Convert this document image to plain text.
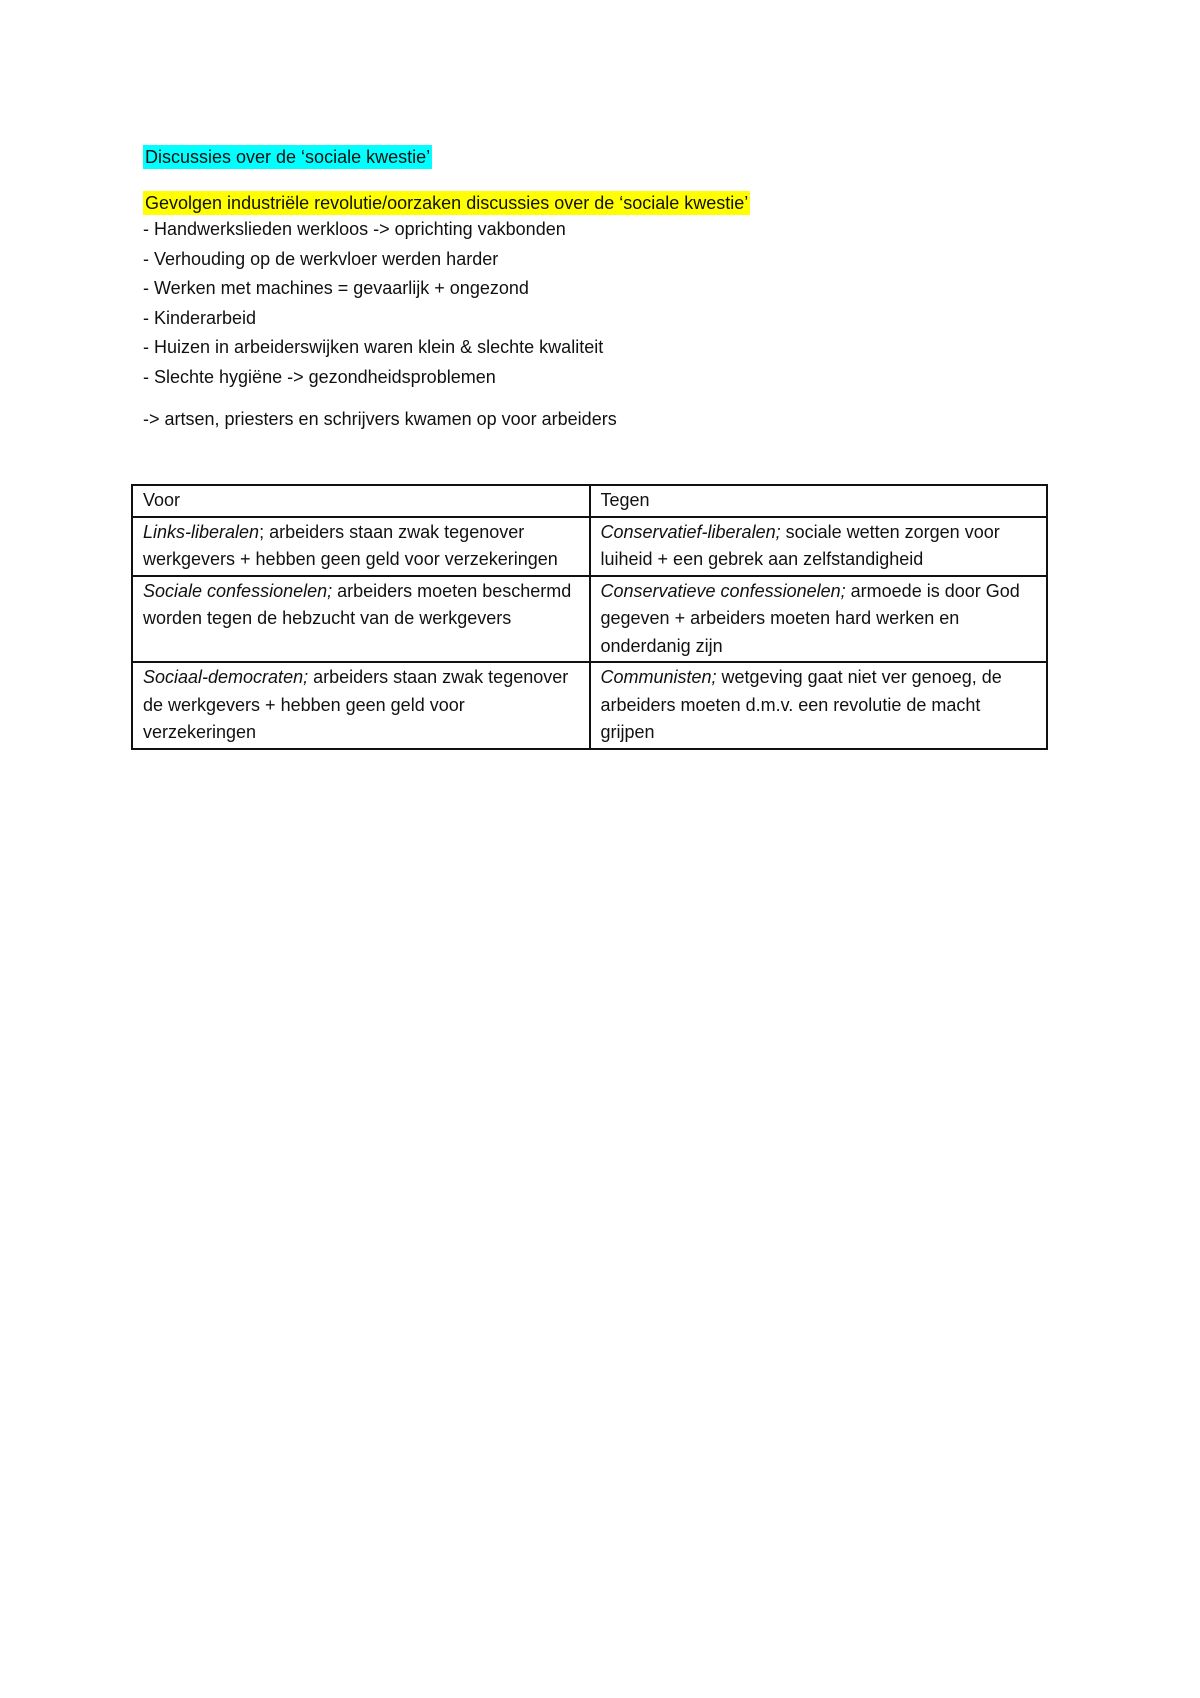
Discussies over de ‘sociale kwestie’
Gevolgen industriële revolutie/oorzaken discussies over de ‘sociale kwestie’
- Handwerkslieden werkloos -> oprichting vakbonden
- Verhouding op de werkvloer werden harder
- Werken met machines = gevaarlijk + ongezond
- Kinderarbeid
- Huizen in arbeiderswijken waren klein & slechte kwaliteit
- Slechte hygiëne -> gezondheidsproblemen
-> artsen, priesters en schrijvers kwamen op voor arbeiders
Voor	Tegen
Links-liberalen; arbeiders staan zwak tegenover werkgevers + hebben geen geld voor verzekeringen	Conservatief-liberalen; sociale wetten zorgen voor luiheid + een gebrek aan zelfstandigheid
Sociale confessionelen; arbeiders moeten beschermd worden tegen de hebzucht van de werkgevers	Conservatieve confessionelen; armoede is door God gegeven + arbeiders moeten hard werken en onderdanig zijn
Sociaal-democraten; arbeiders staan zwak tegenover de werkgevers + hebben geen geld voor verzekeringen	Communisten; wetgeving gaat niet ver genoeg, de arbeiders moeten d.m.v. een revolutie de macht grijpen
